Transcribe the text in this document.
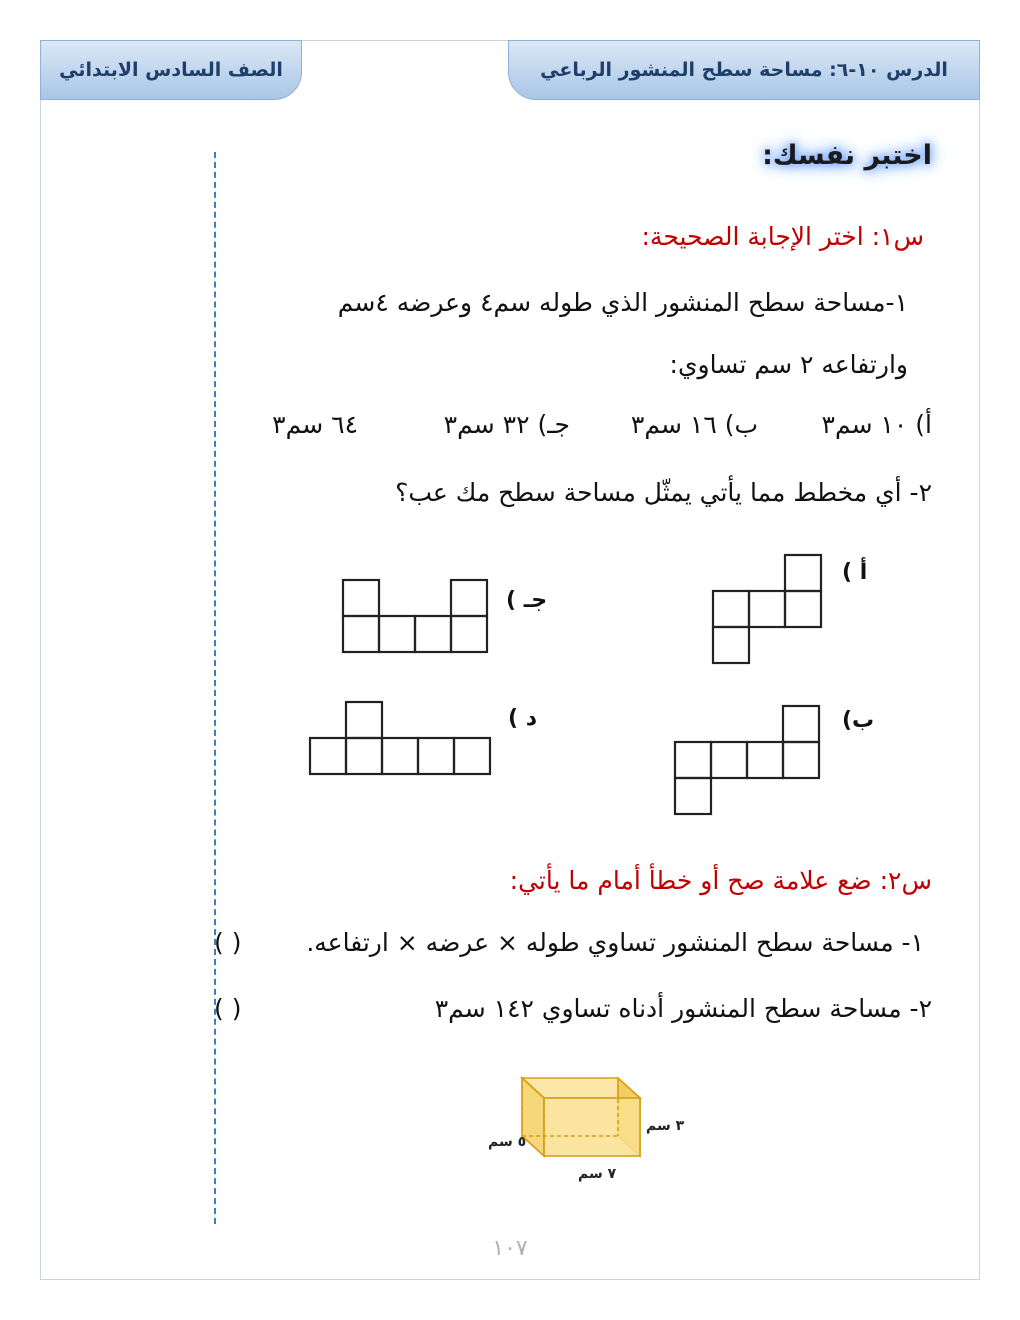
الدرس ١٠-٦: مساحة سطح المنشور الرباعي
الصف السادس الابتدائي
اختبر نفسك:
س١: اختر الإجابة الصحيحة:
١-مساحة سطح المنشور الذي طوله سم٤ وعرضه ٤سم
وارتفاعه ٢ سم تساوي:
أ) ١٠ سم٣
ب) ١٦ سم٣
جـ) ٣٢ سم٣
٦٤ سم٣
٢- أي مخطط مما يأتي يمثّل مساحة سطح مك عب؟
أ )
ب)
جـ )
د )
س٢: ضع علامة صح أو خطأ أمام ما يأتي:
١- مساحة سطح المنشور تساوي طوله × عرضه × ارتفاعه.
( )
٢- مساحة سطح المنشور أدناه تساوي ١٤٢ سم٣
( )
٣ سم
٥ سم
٧ سم
١٠٧
